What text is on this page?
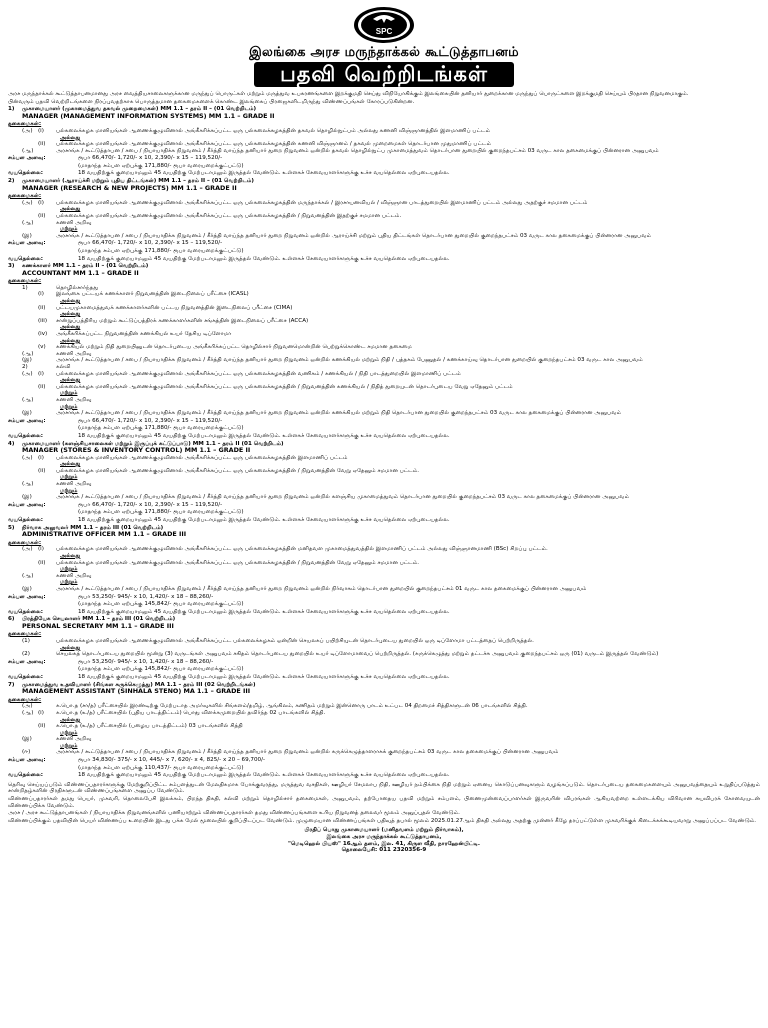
SPC
இலங்கை அரச மருந்தாக்கல் கூட்டுத்தாபனம்
பதவி வெற்றிடங்கள்

அரச மருந்தாக்கல் கூட்டுத்தாபனமானது அரச வைத்தியசாலைகளுக்கான மருந்துப் பொருட்கள் மற்றும் மருத்துவ உபகரணங்களை இறக்குமதி செய்து விநியோகிக்கும் இலங்கையின் தனியார் துறைக்கான மருந்துப் பொருட்களை இறக்குமதி செய்யும் பிரதான நிறுவனமாகும்.

பின்வரும் பதவி வெற்றிடங்களை நிரப்புவதற்காக பொருத்தமான தகைமைகளைக் கொண்ட இலங்கைப் பிரஜைகளிடமிருந்து விண்ணப்பங்கள் கோரப்படுகின்றன.

1)	முகாமையாளர் (முகாமைத்துவ தகவல் முறைமைகள்) MM 1.1 – தரம் II – (01 வெற்றிடம்)
MANAGER (MANAGEMENT INFORMATION SYSTEMS) MM 1.1 – GRADE II
தகைமைகள்:
(அ) (i)	பல்கலைக்கழக மானியங்கள் ஆணைக்குழுவினால் அங்கீகரிக்கப்பட்ட ஒரு பல்கலைக்கழகத்தின் தகவல் தொழில்நுட்பம் அல்லது கணனி விஞ்ஞானத்தில் இளமாணிப் பட்டம்
அல்லது
(ii)	பல்கலைக்கழக மானியங்கள் ஆணைக்குழுவினால் அங்கீகரிக்கப்பட்ட ஒரு பல்கலைக்கழகத்தின் கணனி விஞ்ஞானம் / தகவல் முறைமைகள் தொடர்பான முதுமாணிப் பட்டம்
(ஆ)	அரசாங்க / கூட்டுத்தாபன / சபை / நியாயாதிக்க நிறுவனம் / கீர்த்தி வாய்ந்த தனியார் துறை நிறுவனம் ஒன்றில் தகவல் தொழில்நுட்ப முகாமைத்துவம் தொடர்பான துறையில் குறைந்தபட்சம் 03 வருட கால தகைமைக்குப் பின்னரான அனுபவம்
சம்பள அளவு:	ரூபா 66,470/- 1,720/- x 10, 2,390/- x 15 – 119,520/-
(மாதாந்த சம்பள ஏற்புக்கு 171,880/- ரூபா வரையறைக்குட்பட்டு)
வயதெல்லை:	18 வயதிற்குக் குறையாமலும் 45 வயதிற்கு மேற்படாமலும் இருத்தல் வேண்டும். உள்ளகச் சேவையாளர்களுக்கு உச்ச வயதெல்லை ஏற்புடையதல்ல.
2)	முகாமையாளர் (ஆராய்ச்சி மற்றும் புதிய திட்டங்கள்) MM 1.1 – தரம் II – (01 வெற்றிடம்)
MANAGER (RESEARCH & NEW PROJECTS) MM 1.1 – GRADE II
தகைமைகள்:
(அ) (i)	பல்கலைக்கழக மானியங்கள் ஆணைக்குழுவினால் அங்கீகரிக்கப்பட்ட ஒரு பல்கலைக்கழகத்தின் மருந்தாக்கல் / இரசாயனவியல் / விஞ்ஞான பாடத்துறையில் இளமாணிப் பட்டம் அல்லது அதற்குச் சமமான பட்டம்
அல்லது
(ii)	பல்கலைக்கழக மானியங்கள் ஆணைக்குழுவினால் அங்கீகரிக்கப்பட்ட ஒரு பல்கலைக்கழகத்தின் / நிறுவனத்தின் இதற்குச் சமமான பட்டம்.
(ஆ)	கணனி அறிவு
மற்றும்
(இ)	அரசாங்க / கூட்டுத்தாபன / சபை / நியாயாதிக்க நிறுவனம் / கீர்த்தி வாய்ந்த தனியார் துறை நிறுவனம் ஒன்றில் ஆராய்ச்சி மற்றும் புதிய திட்டங்கள் தொடர்பான துறையில் குறைந்தபட்சம் 03 வருட கால தகைமைக்குப் பின்னரான அனுபவம்
சம்பள அளவு:	ரூபா 66,470/- 1,720/- x 10, 2,390/- x 15 – 119,520/-
(மாதாந்த சம்பள ஏற்புக்கு 171,880/- ரூபா வரையறைக்குட்பட்டு)
வயதெல்லை:	18 வயதிற்குக் குறையாமலும் 45 வயதிற்கு மேற்படாமலும் இருத்தல் வேண்டும். உள்ளகச் சேவையாளர்களுக்கு உச்ச வயதெல்லை ஏற்புடையதல்ல.
3)	கணக்காளர் MM 1.1 – தரம் II – (01 வெற்றிடம்)
ACCOUNTANT MM 1.1 – GRADE II
தகைமைகள்:
1)	தொழில்சார்ந்தது
(i)	இலங்கை பட்டயக் கணக்காளர் நிறுவனத்தின் இடைநிலைப் பரீட்சை (ICASL)
அல்லது
(ii)	பட்டயமுகாமைத்துவக் கணக்காளர்களின் பட்டய நிறுவனத்தின் இடைநிலைப் பரீட்சை (CIMA)
அல்லது
(iii)	சான்றுப்பத்திரிய மற்றும் கூட்டுப்பத்திரக் கணக்காளர்களின் சங்கத்தின் இடைநிலைப் பரீட்சை (ACCA)
அல்லது
(iv)	அங்கீகரிக்கப்பட்ட நிறுவனத்தின் கணக்கியல் உயர் தேசிய டிப்ளோமா
அல்லது
(v)	கணக்கியல் மற்றும் நிதி துறையினுடன் தொடர்புடைய அங்கீகரிக்கப்பட்ட தொழில்சார் நிறுவனமொன்றின் பெற்றுக்கொண்ட சமமான தகைமை
(ஆ)	கணனி அறிவு
(இ)	அரசாங்க / கூட்டுத்தாபன / சபை / நியாயாதிக்க நிறுவனம் / கீர்த்தி வாய்ந்த தனியார் துறை நிறுவனம் ஒன்றில் கணக்கியல் மற்றும் நிதி / புத்தகம் பேணுதல் / கணக்காய்வு தொடர்பான துறையில் குறைந்தபட்சம் 03 வருட கால அனுபவம்
2)	கல்வி
(அ) (i)	பல்கலைக்கழக மானியங்கள் ஆணைக்குழுவினால் அங்கீகரிக்கப்பட்ட ஒரு பல்கலைக்கழகத்தின் வணிகம் / கணக்கியல் / நிதி பாடத்துறையில் இளமாணிப் பட்டம்
அல்லது
(ii)	பல்கலைக்கழக மானியங்கள் ஆணைக்குழுவினால் அங்கீகரிக்கப்பட்ட ஒரு பல்கலைக்கழகத்தின் / நிறுவனத்தின் கணக்கியல் / நிதித் துறையுடன் தொடர்புடைய வேறு ஏதேனும் பட்டம்
மற்றும்
(ஆ)	கணனி அறிவு
மற்றும்
(இ)	அரசாங்க / கூட்டுத்தாபன / சபை / நியாயாதிக்க நிறுவனம் / கீர்த்தி வாய்ந்த தனியார் துறை நிறுவனம் ஒன்றில் கணக்கியல் மற்றும் நிதி தொடர்பான துறையில் குறைந்தபட்சம் 03 வருட கால தகைமைக்குப் பின்னரான அனுபவம்
சம்பள அளவு:	ரூபா 66,470/- 1,720/- x 10, 2,390/- x 15 – 119,520/-
(மாதாந்த சம்பள ஏற்புக்கு 171,880/- ரூபா வரையறைக்குட்பட்டு)
வயதெல்லை:	18 வயதிற்குக் குறையாமலும் 45 வயதிற்கு மேற்படாமலும் இருத்தல் வேண்டும். உள்ளகச் சேவையாளர்களுக்கு உச்ச வயதெல்லை ஏற்புடையதல்ல.
4)	முகாமையாளர் (களஞ்சியசாலைகள் மற்றும் இருப்புக் கட்டுப்பாடு) MM 1.1 – தரம் II (01 வெற்றிடம்)
MANAGER (STORES & INVENTORY CONTROL) MM 1.1 – GRADE II
(அ) (i)	பல்கலைக்கழக மானியங்கள் ஆணைக்குழுவினால் அங்கீகரிக்கப்பட்ட ஒரு பல்கலைக்கழகத்தின் இளமாணிப் பட்டம்
அல்லது
(ii)	பல்கலைக்கழக மானியங்கள் ஆணைக்குழுவினால் அங்கீகரிக்கப்பட்ட ஒரு பல்கலைக்கழகத்தின் / நிறுவனத்தின் வேறு ஏதேனும் சமமான பட்டம்.
மற்றும்
(ஆ)	கணனி அறிவு
மற்றும்
(இ)	அரசாங்க / கூட்டுத்தாபன / சபை / நியாயாதிக்க நிறுவனம் / கீர்த்தி வாய்ந்த தனியார் துறை நிறுவனம் ஒன்றில் களஞ்சிய முகாமைத்துவம் தொடர்பான துறையில் குறைந்தபட்சம் 03 வருட கால தகைமைக்குப் பின்னரான அனுபவம்
சம்பள அளவு:	ரூபா 66,470/- 1,720/- x 10, 2,390/- x 15 – 119,520/-
(மாதாந்த சம்பள ஏற்புக்கு 171,880/- ரூபா வரையறைக்குட்பட்டு)
வயதெல்லை:	18 வயதிற்குக் குறையாமலும் 45 வயதிற்கு மேற்படாமலும் இருத்தல் வேண்டும். உள்ளகச் சேவையாளர்களுக்கு உச்ச வயதெல்லை ஏற்புடையதல்ல.
5)	நிர்வாக அலுவலர் MM 1.1 – தரம் III (01 வெற்றிடம்)
ADMINISTRATIVE OFFICER MM 1.1 – GRADE III
தகைமைகள்:
(அ) (i)	பல்கலைக்கழக மானியங்கள் ஆணைக்குழுவினால் அங்கீகரிக்கப்பட்ட ஒரு பல்கலைக்கழகத்தின் மனிதவள முகாமைத்துவத்தில் இளமாணிப் பட்டம் அல்லது விஞ்ஞானமாணி (BSc) சிறப்பு பட்டம்.
அல்லது
(ii)	பல்கலைக்கழக மானியங்கள் ஆணைக்குழுவினால் அங்கீகரிக்கப்பட்ட ஒரு பல்கலைக்கழகத்தின் / நிறுவனத்தின் வேறு ஏதேனும் சமமான பட்டம்.
மற்றும்
(ஆ)	கணனி அறிவு
மற்றும்
(இ)	அரசாங்க / கூட்டுத்தாபன / சபை / நியாயாதிக்க நிறுவனம் / கீர்த்தி வாய்ந்த தனியார் துறை நிறுவனம் ஒன்றில் நிர்வாகம் தொடர்பான துறையில் குறைந்தபட்சம் 01 வருட கால தகைமைக்குப் பின்னரான அனுபவம்
சம்பள அளவு:	ரூபா 53,250/- 945/- x 10, 1,420/- x 18 – 88,260/-
(மாதாந்த சம்பள ஏற்புக்கு 145,842/- ரூபா வரையறைக்குட்பட்டு)
வயதெல்லை:	18 வயதிற்குக் குறையாமலும் 45 வயதிற்கு மேற்படாமலும் இருத்தல் வேண்டும். உள்ளகச் சேவையாளர்களுக்கு உச்ச வயதெல்லை ஏற்புடையதல்ல.
6)	பிரத்தியேக செயலாளர் MM 1.1 – தரம் III (01 வெற்றிடம்)
PERSONAL SECRETARY MM 1.1 – GRADE III
தகைமைகள்:
(1)	பல்கலைக்கழக மானியங்கள் ஆணைக்குழுவினால் அங்கீகரிக்கப்பட்ட பல்கலைக்கழகம் ஒன்றின் செயலகப் பயிற்சியுடன் தொடர்புடைய துறையில் ஒரு டிப்ளோமா பட்டத்தைப் பெற்றிருத்தல்.
அல்லது
(2)	செயலகத் தொடர்புடைய துறையில் மூன்று (3) வருடங்கள் அனுபவம் சகிதம் தொடர்புடைய துறையில் உயர் டிப்ளோமாவைப் பெற்றிருத்தல். (சுருக்கெழுத்து மற்றும் தட்டச்சு அனுபவம் குறைந்தபட்சம் ஒரு (01) வருடம் இருத்தல் வேண்டும்)
சம்பள அளவு:	ரூபா 53,250/- 945/- x 10, 1,420/- x 18 – 88,260/-
(மாதாந்த சம்பள ஏற்புக்கு 145,842/- ரூபா வரையறைக்குட்பட்டு)
வயதெல்லை:	18 வயதிற்குக் குறையாமலும் 45 வயதிற்கு மேற்படாமலும் இருத்தல் வேண்டும். உள்ளகச் சேவையாளர்களுக்கு உச்ச வயதெல்லை ஏற்புடையதல்ல.
7)	முகாமைத்துவ உதவியாளர் (சிங்கள சுருக்கெழுத்து) MA 1.1 – தரம் III (02 வெற்றிடங்கள்)
MANAGEMENT ASSISTANT (SINHALA STENO) MA 1.1 – GRADE III
தகைமைகள்:
(அ)	க.பொ.த (சா/த) பரீட்சையில் இரண்டிற்கு மேற்படாத அமர்வுகளில் சிங்களம்/தமிழ், ஆங்கிலம், கணிதம் மற்றும் இன்னொரு பாடம் உட்பட 04 திறமைச் சித்திகளுடன் 06 பாடங்களில் சித்தி.
(ஆ) (i)	க.பொ.த (உ/த) பரீட்சையில் (புதிய பாடத்திட்டம்) பொது விளக்கமுறையில் தவிர்ந்த 02 பாடங்களில் சித்தி.
அல்லது
(ii)	க.பொ.த (உ/த) பரீட்சையில் (பழைய பாடத்திட்டம்) 03 பாடங்களில் சித்தி
மற்றும்
(இ)	கணனி அறிவு
மற்றும்
(ஈ)	அரசாங்க / கூட்டுத்தாபன / சபை / நியாயாதிக்க நிறுவனம் / கீர்த்தி வாய்ந்த தனியார் துறை நிறுவனம் ஒன்றில் சுருக்கெழுத்தாளராகக் குறைந்தபட்சம் 03 வருட கால தகைமைக்குப் பின்னரான அனுபவம்
சம்பள அளவு:	ரூபா 34,830/- 375/- x 10, 445/- x 7, 620/- x 4, 825/- x 20 – 69,700/-
(மாதாந்த சம்பள ஏற்புக்கு 110,437/- ரூபா வரையறைக்குட்பட்டு)
வயதெல்லை:	18 வயதிற்குக் குறையாமலும் 45 வயதிற்கு மேற்படாமலும் இருத்தல் வேண்டும். உள்ளகச் சேவையாளர்களுக்கு உச்ச வயதெல்லை ஏற்புடையதல்ல.

தெரிவு செய்யப்படும் விண்ணப்பதாரர்களுக்கு மேற்குறிப்பிட்ட சம்பளத்துடன் மேலதிகமாக போக்குவரத்து, மருத்துவ வசதிகள், ஊழியர் சேமலாப நிதி, ஊழியர் நம்பிக்கை நிதி மற்றும் ஏனைய கொடுப்பனவுகளும் வழங்கப்படும். தொடர்புடைய தகைமைகளையும் அனுபவத்தையும் உறுதிப்படுத்தும் சான்றிதழ்களின் பிரதிகளுடன் விண்ணப்பங்களை அனுப்ப வேண்டும்.

விண்ணப்பதாரர்கள் தமது பெயர், முகவரி, தொலைபேசி இலக்கம், பிறந்த திகதி, கல்வி மற்றும் தொழில்சார் தகைமைகள், அனுபவம், தற்போதைய பதவி மற்றும் சம்பளம், பிணைமுன்வைப்பாளர்கள் இருவரின் விபரங்கள் ஆகியவற்றை உள்ளடக்கிய விரிவான சுயவிபரக் கோவையுடன் விண்ணப்பிக்க வேண்டும்.

அரச / அரச கூட்டுத்தாபனங்கள் / நியாயாதிக்க நிறுவனங்களில் பணியாற்றும் விண்ணப்பதாரர்கள் தமது விண்ணப்பங்களை உரிய நிறுவனத் தலைவர் மூலம் அனுப்புதல் வேண்டும்.

விண்ணப்பிக்கும் பதவியின் பெயர் விண்ணப்ப உறையின் இடது பக்க மேல் மூலையில் குறிப்பிடப்பட வேண்டும். முழுமையான விண்ணப்பங்கள் பதிவுத் தபால் மூலம் 2025.01.27ஆம் திகதி அல்லது அதற்கு முன்னர் கீழே தரப்பட்டுள்ள முகவரிக்குக் கிடைக்கக்கூடியவாறு அனுப்பப்பட வேண்டும்.

பிரதிப் பொது முகாமையாளர் (மனிதவளம் மற்றும் நிர்வாகம்),
இலங்கை அரச மருந்தாக்கல் கூட்டுத்தாபனம்,
"மெடிஹெல் பியஸ்" 16ஆம் தளம், இல. 41, கிருள வீதி, நாரஹேன்பிட்டி.
தொலைபேசி: 011 2320356-9
